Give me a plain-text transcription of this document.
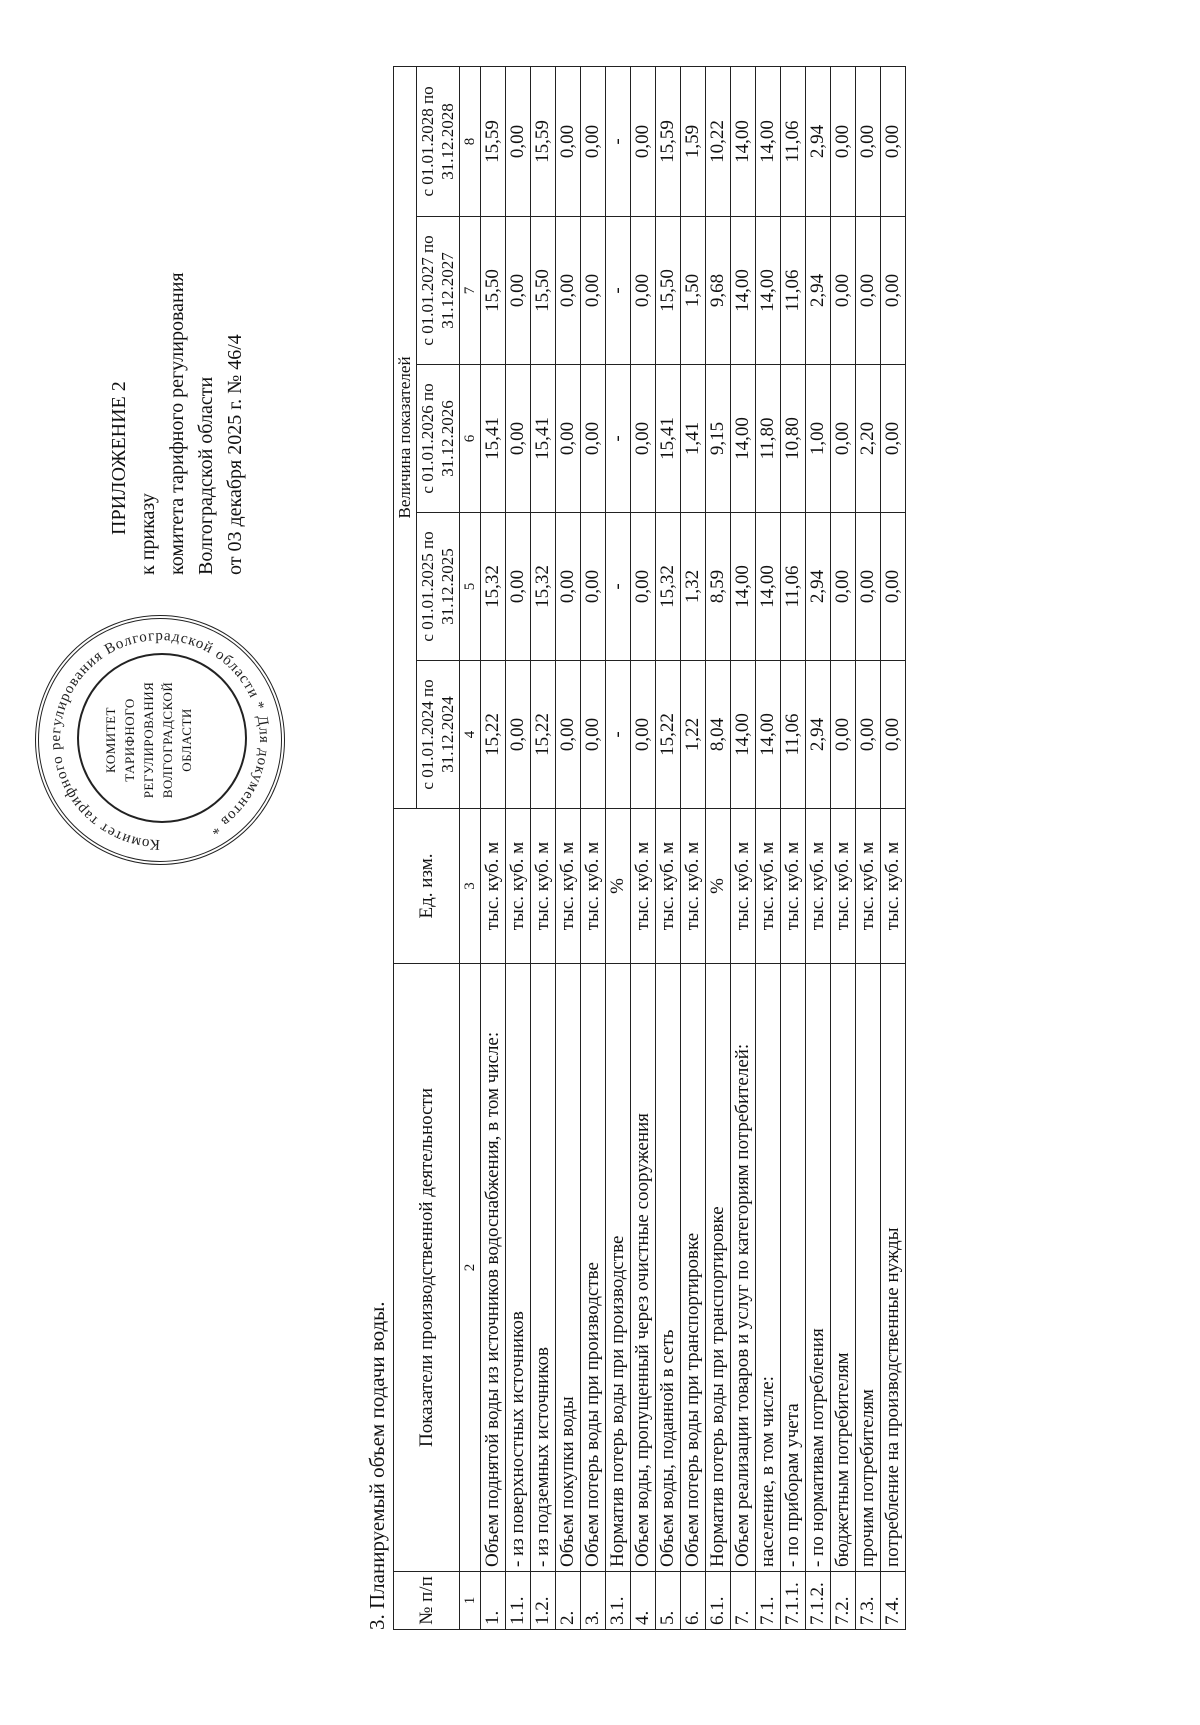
Комитет тарифного регулирования Волгоградской области * Для документов *
КОМИТЕТ ТАРИФНОГО РЕГУЛИРОВАНИЯ ВОЛГОГРАДСКОЙ ОБЛАСТИ
ПРИЛОЖЕНИЕ 2 к приказу комитета тарифного регулирования Волгоградской области от 03 декабря 2025 г. № 46/4
3. Планируемый объем подачи воды. № п/п	Показатели производственной деятельности	Ед. изм.	Величина показателей				
			с 01.01.2024 по 31.12.2024	с 01.01.2025 по 31.12.2025	с 01.01.2026 по 31.12.2026	с 01.01.2027 по 31.12.2027	с 01.01.2028 по 31.12.2028
1	2	3	4	5	6	7	8
1.	Объем поднятой воды из источников водоснабжения, в том числе:	тыс. куб. м	15,22	15,32	15,41	15,50	15,59
1.1.	- из поверхностных источников	тыс. куб. м	0,00	0,00	0,00	0,00	0,00
1.2.	- из подземных источников	тыс. куб. м	15,22	15,32	15,41	15,50	15,59
2.	Объем покупки воды	тыс. куб. м	0,00	0,00	0,00	0,00	0,00
3.	Объем потерь воды при производстве	тыс. куб. м	0,00	0,00	0,00	0,00	0,00
3.1.	Норматив потерь воды при производстве	%	-	-	-	-	-
4.	Объем воды, пропущенный через очистные сооружения	тыс. куб. м	0,00	0,00	0,00	0,00	0,00
5.	Объем воды, поданной в сеть	тыс. куб. м	15,22	15,32	15,41	15,50	15,59
6.	Объем потерь воды при транспортировке	тыс. куб. м	1,22	1,32	1,41	1,50	1,59
6.1.	Норматив потерь воды при транспортировке	%	8,04	8,59	9,15	9,68	10,22
7.	Объем реализации товаров и услуг по категориям потребителей:	тыс. куб. м	14,00	14,00	14,00	14,00	14,00
7.1.	население, в том числе:	тыс. куб. м	14,00	14,00	11,80	14,00	14,00
7.1.1.	- по приборам учета	тыс. куб. м	11,06	11,06	10,80	11,06	11,06
7.1.2.	- по нормативам потребления	тыс. куб. м	2,94	2,94	1,00	2,94	2,94
7.2.	бюджетным потребителям	тыс. куб. м	0,00	0,00	0,00	0,00	0,00
7.3.	прочим потребителям	тыс. куб. м	0,00	0,00	2,20	0,00	0,00
7.4.	потребление на производственные нужды	тыс. куб. м	0,00	0,00	0,00	0,00	0,00
